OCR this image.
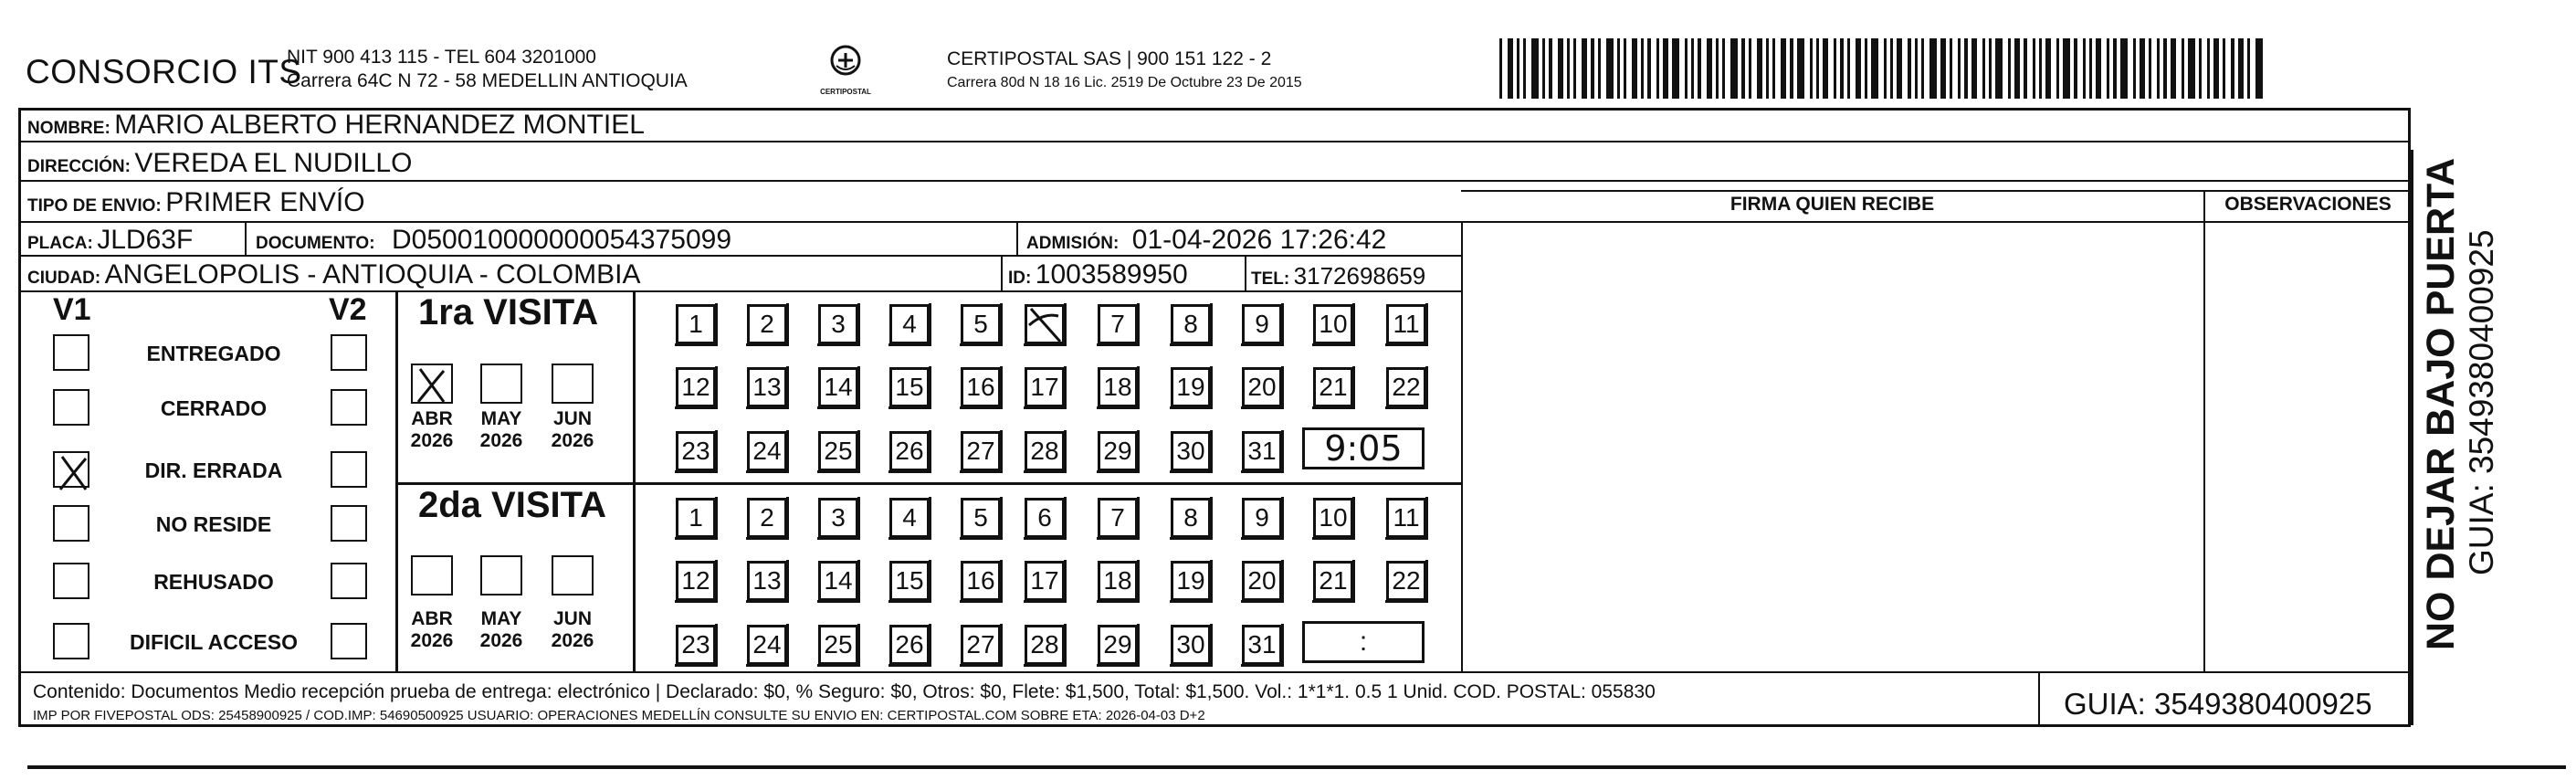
CONSORCIO ITS
NIT 900 413 115 - TEL 604 3201000
Carrera 64C N 72 - 58 MEDELLIN ANTIOQUIA
CERTIPOSTAL
CERTIPOSTAL SAS | 900 151 122 - 2
Carrera 80d N 18 16 Lic. 2519 De Octubre 23 De 2015
NOMBRE: MARIO ALBERTO HERNANDEZ MONTIEL
DIRECCIÓN: VEREDA EL NUDILLO
TIPO DE ENVIO: PRIMER ENVÍO
PLACA: JLD63F	DOCUMENTO: D050010000000054375099	ADMISIÓN: 01-04-2026 17:26:42
CIUDAD: ANGELOPOLIS - ANTIOQUIA - COLOMBIA	ID: 1003589950	TEL: 3172698659
FIRMA QUIEN RECIBE	OBSERVACIONES
V1	V2
ENTREGADO
CERRADO
DIR. ERRADA
NO RESIDE
REHUSADO
DIFICIL ACCESO
1ra VISITA
ABR
2026
MAY
2026
JUN
2026
1	2	3	4	5	7	8	9	10 11
12 13 14 15 16 17 18 19 20 21 22
23 24 25 26 27 28 29 30 31	9:05
2da VISITA
ABR
2026
MAY
2026
JUN
2026
1	2	3	4	5	6	7	8	9	10 11
12 13 14 15 16 17 18 19 20 21 22
23 24 25 26 27 28 29 30 31	:
Contenido: Documentos Medio recepción prueba de entrega: electrónico | Declarado: $0, % Seguro: $0, Otros: $0, Flete: $1,500, Total: $1,500. Vol.: 1*1*1. 0.5 1 Unid. COD. POSTAL: 055830
IMP POR FIVEPOSTAL ODS: 25458900925 / COD.IMP: 54690500925 USUARIO: OPERACIONES MEDELLÍN CONSULTE SU ENVIO EN: CERTIPOSTAL.COM SOBRE ETA: 2026-04-03 D+2	GUIA: 3549380400925
NO DEJAR BAJO PUERTA GUIA: 3549380400925
